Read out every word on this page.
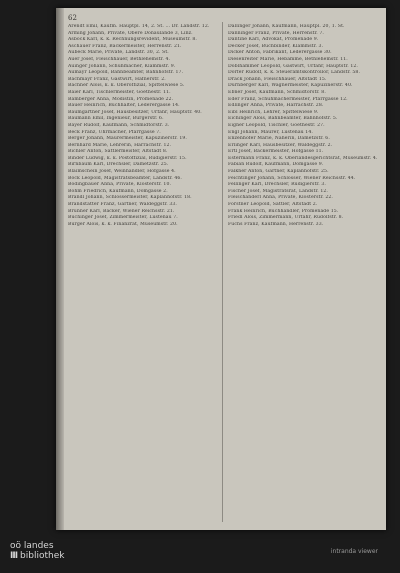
62
Arendt Emil, Kaufm. Hauptpl. 14, 2. St. … Dr. Landstr. 12.
Arming Johann, Private, Obere Donaulände 3, Linz.
Asböck Karl, k. k. Rechnungsrevident, Museumstr. 8.
Aschauer Franz, Bäckermeister, Herrenstr. 21.
Aubeck Marie, Private, Landstr. 30, 2. St.
Auer Josef, Fleischhauer, Bethlehemstr. 4.
Auinger Johann, Schuhmacher, Klammstr. 9.
Aumayr Leopold, Bahnbeamter, Bahnhofstr. 17.
Bachmayr Franz, Gastwirt, Hafnerstr. 2.
Bachner Alois, k. k. Oberoffizial, Spittelwiese 5.
Baier Karl, Tischlermeister, Goethestr. 11.
Bamberger Anna, Modistin, Promenade 22.
Bauer Heinrich, Buchhalter, Lederergasse 14.
Baumgartner Josef, Hausbesitzer, Urfahr, Hauptstr. 40.
Baumann Emil, Ingenieur, Bürgerstr. 6.
Bayer Rudolf, Kaufmann, Schmidtorstr. 3.
Beck Franz, Uhrmacher, Pfarrgasse 7.
Berger Johann, Maurermeister, Kapuzinerstr. 19.
Bernhard Marie, Lehrerin, Harrachstr. 12.
Bichler Anton, Sattlermeister, Altstadt 8.
Binder Ludwig, k. k. Postoffizial, Rudigierstr. 15.
Birnbaum Karl, Drechsler, Dametzstr. 25.
Blaimschein Josef, Weinhändler, Hofgasse 4.
Bock Leopold, Magistratsbeamter, Landstr. 46.
Bodingbauer Anna, Private, Klosterstr. 10.
Böhm Friedrich, Kaufmann, Domgasse 2.
Brandl Johann, Schlossermeister, Kaplanhofstr. 18.
Brandstätter Franz, Gärtner, Waldeggstr. 33.
Brunner Karl, Bäcker, Wiener Reichsstr. 21.
Buchinger Josef, Zimmermeister, Lustenau 7.
Burger Alois, k. k. Finanzrat, Museumstr. 20.
Dallinger Johann, Kaufmann, Hauptpl. 20, 1. St.
Danninger Franz, Private, Herrenstr. 7.
Dantine Karl, Advokat, Promenade 9.
Decker Josef, Buchbinder, Klammstr. 3.
Dicker Anton, Fabrikant, Lederergasse 30.
Diesenreiter Marie, Hebamme, Bethlehemstr. 11.
Doblhammer Leopold, Gastwirt, Urfahr, Hauptstr. 12.
Dorfer Rudolf, k. k. Steueramtskontrollor, Landstr. 58.
Drack Johann, Fleischhauer, Altstadt 15.
Dürnberger Karl, Wagnermeister, Kapuzinerstr. 40.
Ebner Josef, Kaufmann, Schmidtorstr. 8.
Eder Franz, Schuhmachermeister, Pfarrgasse 12.
Edlinger Anna, Private, Harrachstr. 28.
Eibl Heinrich, Lehrer, Spittelwiese 9.
Eichinger Alois, Bahnbeamter, Bahnhofstr. 5.
Eigner Leopold, Tischler, Goethestr. 27.
Engl Johann, Maurer, Lustenau 14.
Enzenhofer Marie, Näherin, Dametzstr. 6.
Erlinger Karl, Hausbesitzer, Waldeggstr. 2.
Ertl Josef, Bäckermeister, Hofgasse 11.
Estermann Franz, k. k. Oberlandesgerichtsrat, Museumstr. 4.
Fabian Rudolf, Kaufmann, Domgasse 9.
Falkner Anton, Gärtner, Kaplanhofstr. 25.
Feichtinger Johann, Schlosser, Wiener Reichsstr. 44.
Fellinger Karl, Drechsler, Rudigierstr. 3.
Fischer Josef, Magistratsrat, Landstr. 12.
Fleischanderl Anna, Private, Klosterstr. 22.
Forstner Leopold, Sattler, Altstadt 2.
Frank Heinrich, Buchhändler, Promenade 15.
Friedl Alois, Zimmermann, Urfahr, Rudolfstr. 8.
Fuchs Franz, Kaufmann, Herrenstr. 33.
oö landes
III bibliothek	intranda viewer
